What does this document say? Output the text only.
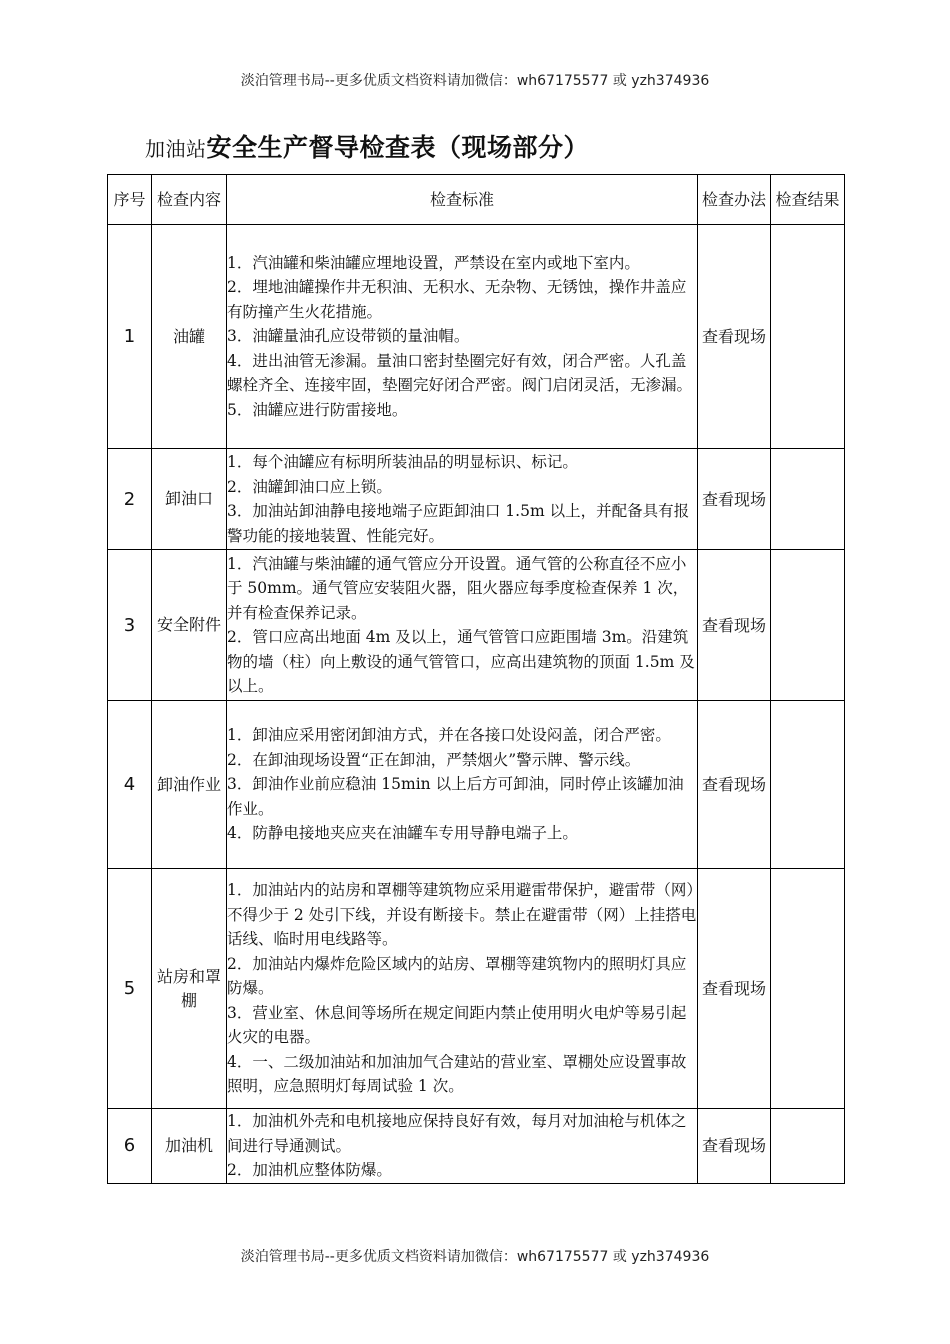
淡泊管理书局--更多优质文档资料请加微信：wh67175577 或 yzh374936
加油站安全生产督导检查表（现场部分）
序号	检查内容	检查标准	检查办法	检查结果
1	油罐	1．汽油罐和柴油罐应埋地设置，严禁设在室内或地下室内。
2．埋地油罐操作井无积油、无积水、无杂物、无锈蚀，操作井盖应有防撞产生火花措施。
3．油罐量油孔应设带锁的量油帽。
4．进出油管无渗漏。量油口密封垫圈完好有效，闭合严密。人孔盖螺栓齐全、连接牢固，垫圈完好闭合严密。阀门启闭灵活，无渗漏。
5．油罐应进行防雷接地。	查看现场	
2	卸油口	1．每个油罐应有标明所装油品的明显标识、标记。
2．油罐卸油口应上锁。
3．加油站卸油静电接地端子应距卸油口 1.5m 以上，并配备具有报警功能的接地装置、性能完好。	查看现场	
3	安全附件	1．汽油罐与柴油罐的通气管应分开设置。通气管的公称直径不应小于 50mm。通气管应安装阻火器，阻火器应每季度检查保养 1 次，并有检查保养记录。
2．管口应高出地面 4m 及以上，通气管管口应距围墙 3m。沿建筑物的墙（柱）向上敷设的通气管管口，应高出建筑物的顶面 1.5m 及以上。	查看现场	
4	卸油作业	1．卸油应采用密闭卸油方式，并在各接口处设闷盖，闭合严密。
2．在卸油现场设置“正在卸油，严禁烟火”警示牌、警示线。
3．卸油作业前应稳油 15min 以上后方可卸油，同时停止该罐加油作业。
4．防静电接地夹应夹在油罐车专用导静电端子上。	查看现场	
5	站房和罩棚	1．加油站内的站房和罩棚等建筑物应采用避雷带保护，避雷带（网）不得少于 2 处引下线，并设有断接卡。禁止在避雷带（网）上挂搭电话线、临时用电线路等。
2．加油站内爆炸危险区域内的站房、罩棚等建筑物内的照明灯具应防爆。
3．营业室、休息间等场所在规定间距内禁止使用明火电炉等易引起火灾的电器。
4．一、二级加油站和加油加气合建站的营业室、罩棚处应设置事故照明，应急照明灯每周试验 1 次。	查看现场	
6	加油机	1．加油机外壳和电机接地应保持良好有效，每月对加油枪与机体之间进行导通测试。
2．加油机应整体防爆。	查看现场	
淡泊管理书局--更多优质文档资料请加微信：wh67175577 或 yzh374936
